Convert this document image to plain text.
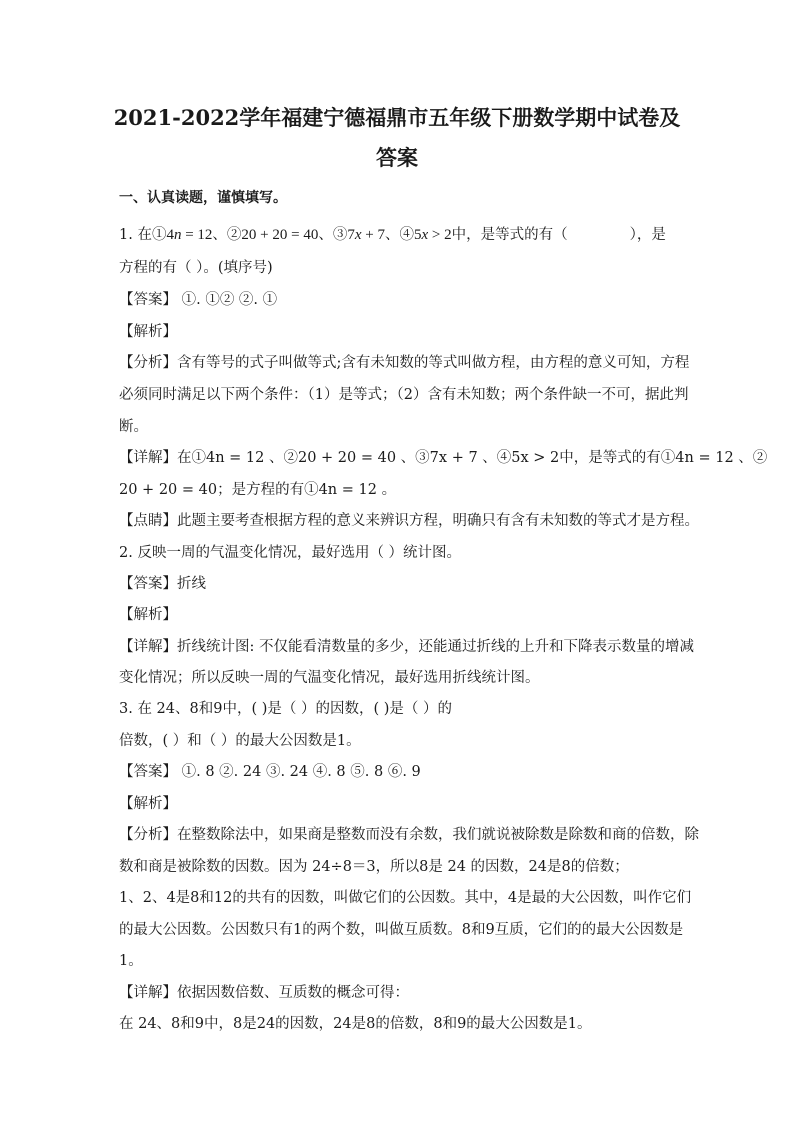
2021-2022学年福建宁德福鼎市五年级下册数学期中试卷及
答案
一、认真读题，谨慎填写。
1. 在①4n = 12、②20 + 20 = 40、③7x + 7、④5x > 2中，是等式的有（	），是
方程的有（ ）。(填序号)
【答案】 ①. ①② ②. ①
【解析】
【分析】含有等号的式子叫做等式;含有未知数的等式叫做方程，由方程的意义可知，方程
必须同时满足以下两个条件：（1）是等式；（2）含有未知数；两个条件缺一不可，据此判
断。
【详解】在①4n = 12 、②20 + 20 = 40 、③7x + 7 、④5x > 2中，是等式的有①4n = 12 、②
20 + 20 = 40；是方程的有①4n = 12 。
【点睛】此题主要考查根据方程的意义来辨识方程，明确只有含有未知数的等式才是方程。
2. 反映一周的气温变化情况，最好选用（ ）统计图。
【答案】折线
【解析】
【详解】折线统计图: 不仅能看清数量的多少，还能通过折线的上升和下降表示数量的增减
变化情况；所以反映一周的气温变化情况，最好选用折线统计图。
3. 在 24、8和9中，( )是（ ）的因数，( )是（ ）的
倍数，( ）和（ ）的最大公因数是1。
【答案】 ①. 8 ②. 24 ③. 24 ④. 8 ⑤. 8 ⑥. 9
【解析】
【分析】在整数除法中，如果商是整数而没有余数，我们就说被除数是除数和商的倍数，除
数和商是被除数的因数。因为 24÷8＝3，所以8是 24 的因数，24是8的倍数；
1、2、4是8和12的共有的因数，叫做它们的公因数。其中，4是最的大公因数，叫作它们
的最大公因数。公因数只有1的两个数，叫做互质数。8和9互质，它们的的最大公因数是
1。
【详解】依据因数倍数、互质数的概念可得：
在 24、8和9中，8是24的因数，24是8的倍数，8和9的最大公因数是1。
